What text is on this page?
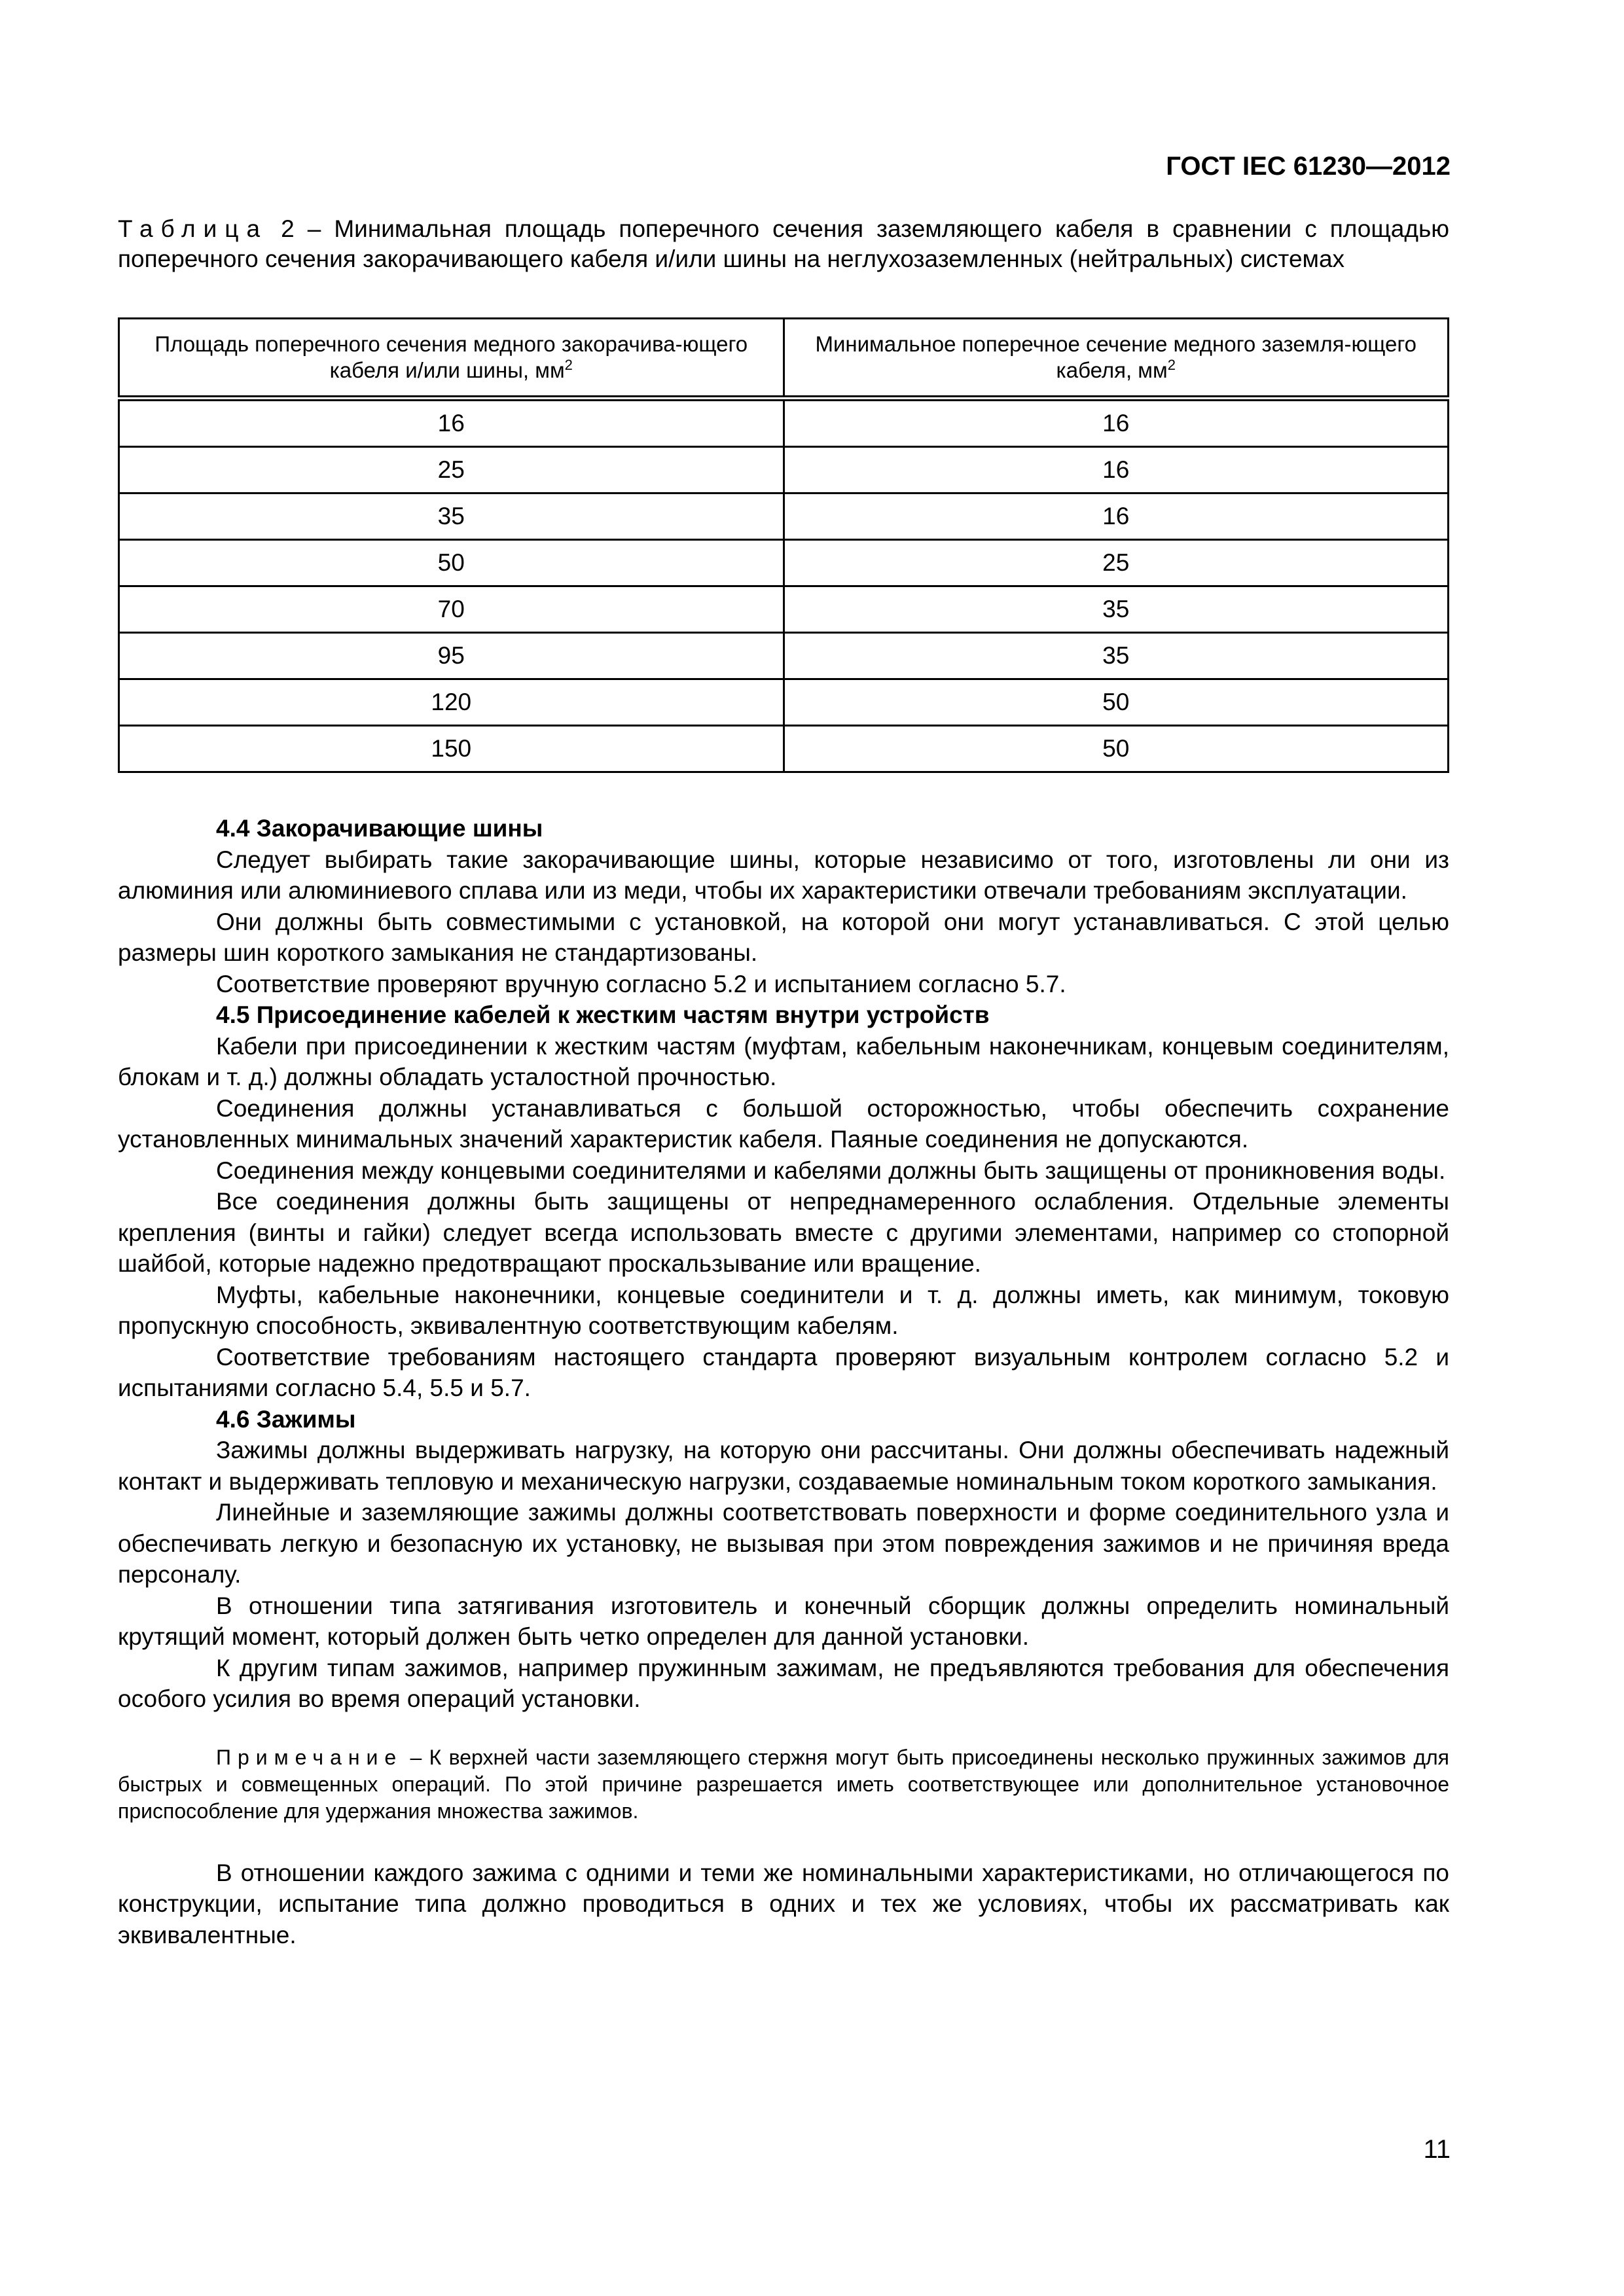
ГОСТ IEC 61230—2012
Таблица 2 – Минимальная площадь поперечного сечения заземляющего кабеля в сравнении с площадью поперечного сечения закорачивающего кабеля и/или шины на неглухозаземленных (нейтральных) системах
Площадь поперечного сечения медного закорачива-ющего кабеля и/или шины, $мм^2$	Минимальное поперечное сечение медного заземля-ющего кабеля, $мм^2$
16	16
25	16
35	16
50	25
70	35
95	35
120	50
150	50
4.4 Закорачивающие шины

Следует выбирать такие закорачивающие шины, которые независимо от того, изготовлены ли они из алюминия или алюминиевого сплава или из меди, чтобы их характеристики отвечали требованиям эксплуатации.

Они должны быть совместимыми с установкой, на которой они могут устанавливаться. С этой целью размеры шин короткого замыкания не стандартизованы.

Соответствие проверяют вручную согласно 5.2 и испытанием согласно 5.7.

4.5 Присоединение кабелей к жестким частям внутри устройств

Кабели при присоединении к жестким частям (муфтам, кабельным наконечникам, концевым соединителям, блокам и т. д.) должны обладать усталостной прочностью.

Соединения должны устанавливаться с большой осторожностью, чтобы обеспечить сохранение установленных минимальных значений характеристик кабеля. Паяные соединения не допускаются.

Соединения между концевыми соединителями и кабелями должны быть защищены от проникновения воды.

Все соединения должны быть защищены от непреднамеренного ослабления. Отдельные элементы крепления (винты и гайки) следует всегда использовать вместе с другими элементами, например со стопорной шайбой, которые надежно предотвращают проскальзывание или вращение.

Муфты, кабельные наконечники, концевые соединители и т. д. должны иметь, как минимум, токовую пропускную способность, эквивалентную соответствующим кабелям.

Соответствие требованиям настоящего стандарта проверяют визуальным контролем согласно 5.2 и испытаниями согласно 5.4, 5.5 и 5.7.

4.6 Зажимы

Зажимы должны выдерживать нагрузку, на которую они рассчитаны. Они должны обеспечивать надежный контакт и выдерживать тепловую и механическую нагрузки, создаваемые номинальным током короткого замыкания.

Линейные и заземляющие зажимы должны соответствовать поверхности и форме соединительного узла и обеспечивать легкую и безопасную их установку, не вызывая при этом повреждения зажимов и не причиняя вреда персоналу.

В отношении типа затягивания изготовитель и конечный сборщик должны определить номинальный крутящий момент, который должен быть четко определен для данной установки.

К другим типам зажимов, например пружинным зажимам, не предъявляются требования для обеспечения особого усилия во время операций установки.

Примечание – К верхней части заземляющего стержня могут быть присоединены несколько пружинных зажимов для быстрых и совмещенных операций. По этой причине разрешается иметь соответствующее или дополнительное установочное приспособление для удержания множества зажимов.

В отношении каждого зажима с одними и теми же номинальными характеристиками, но отличающегося по конструкции, испытание типа должно проводиться в одних и тех же условиях, чтобы их рассматривать как эквивалентные.

11
